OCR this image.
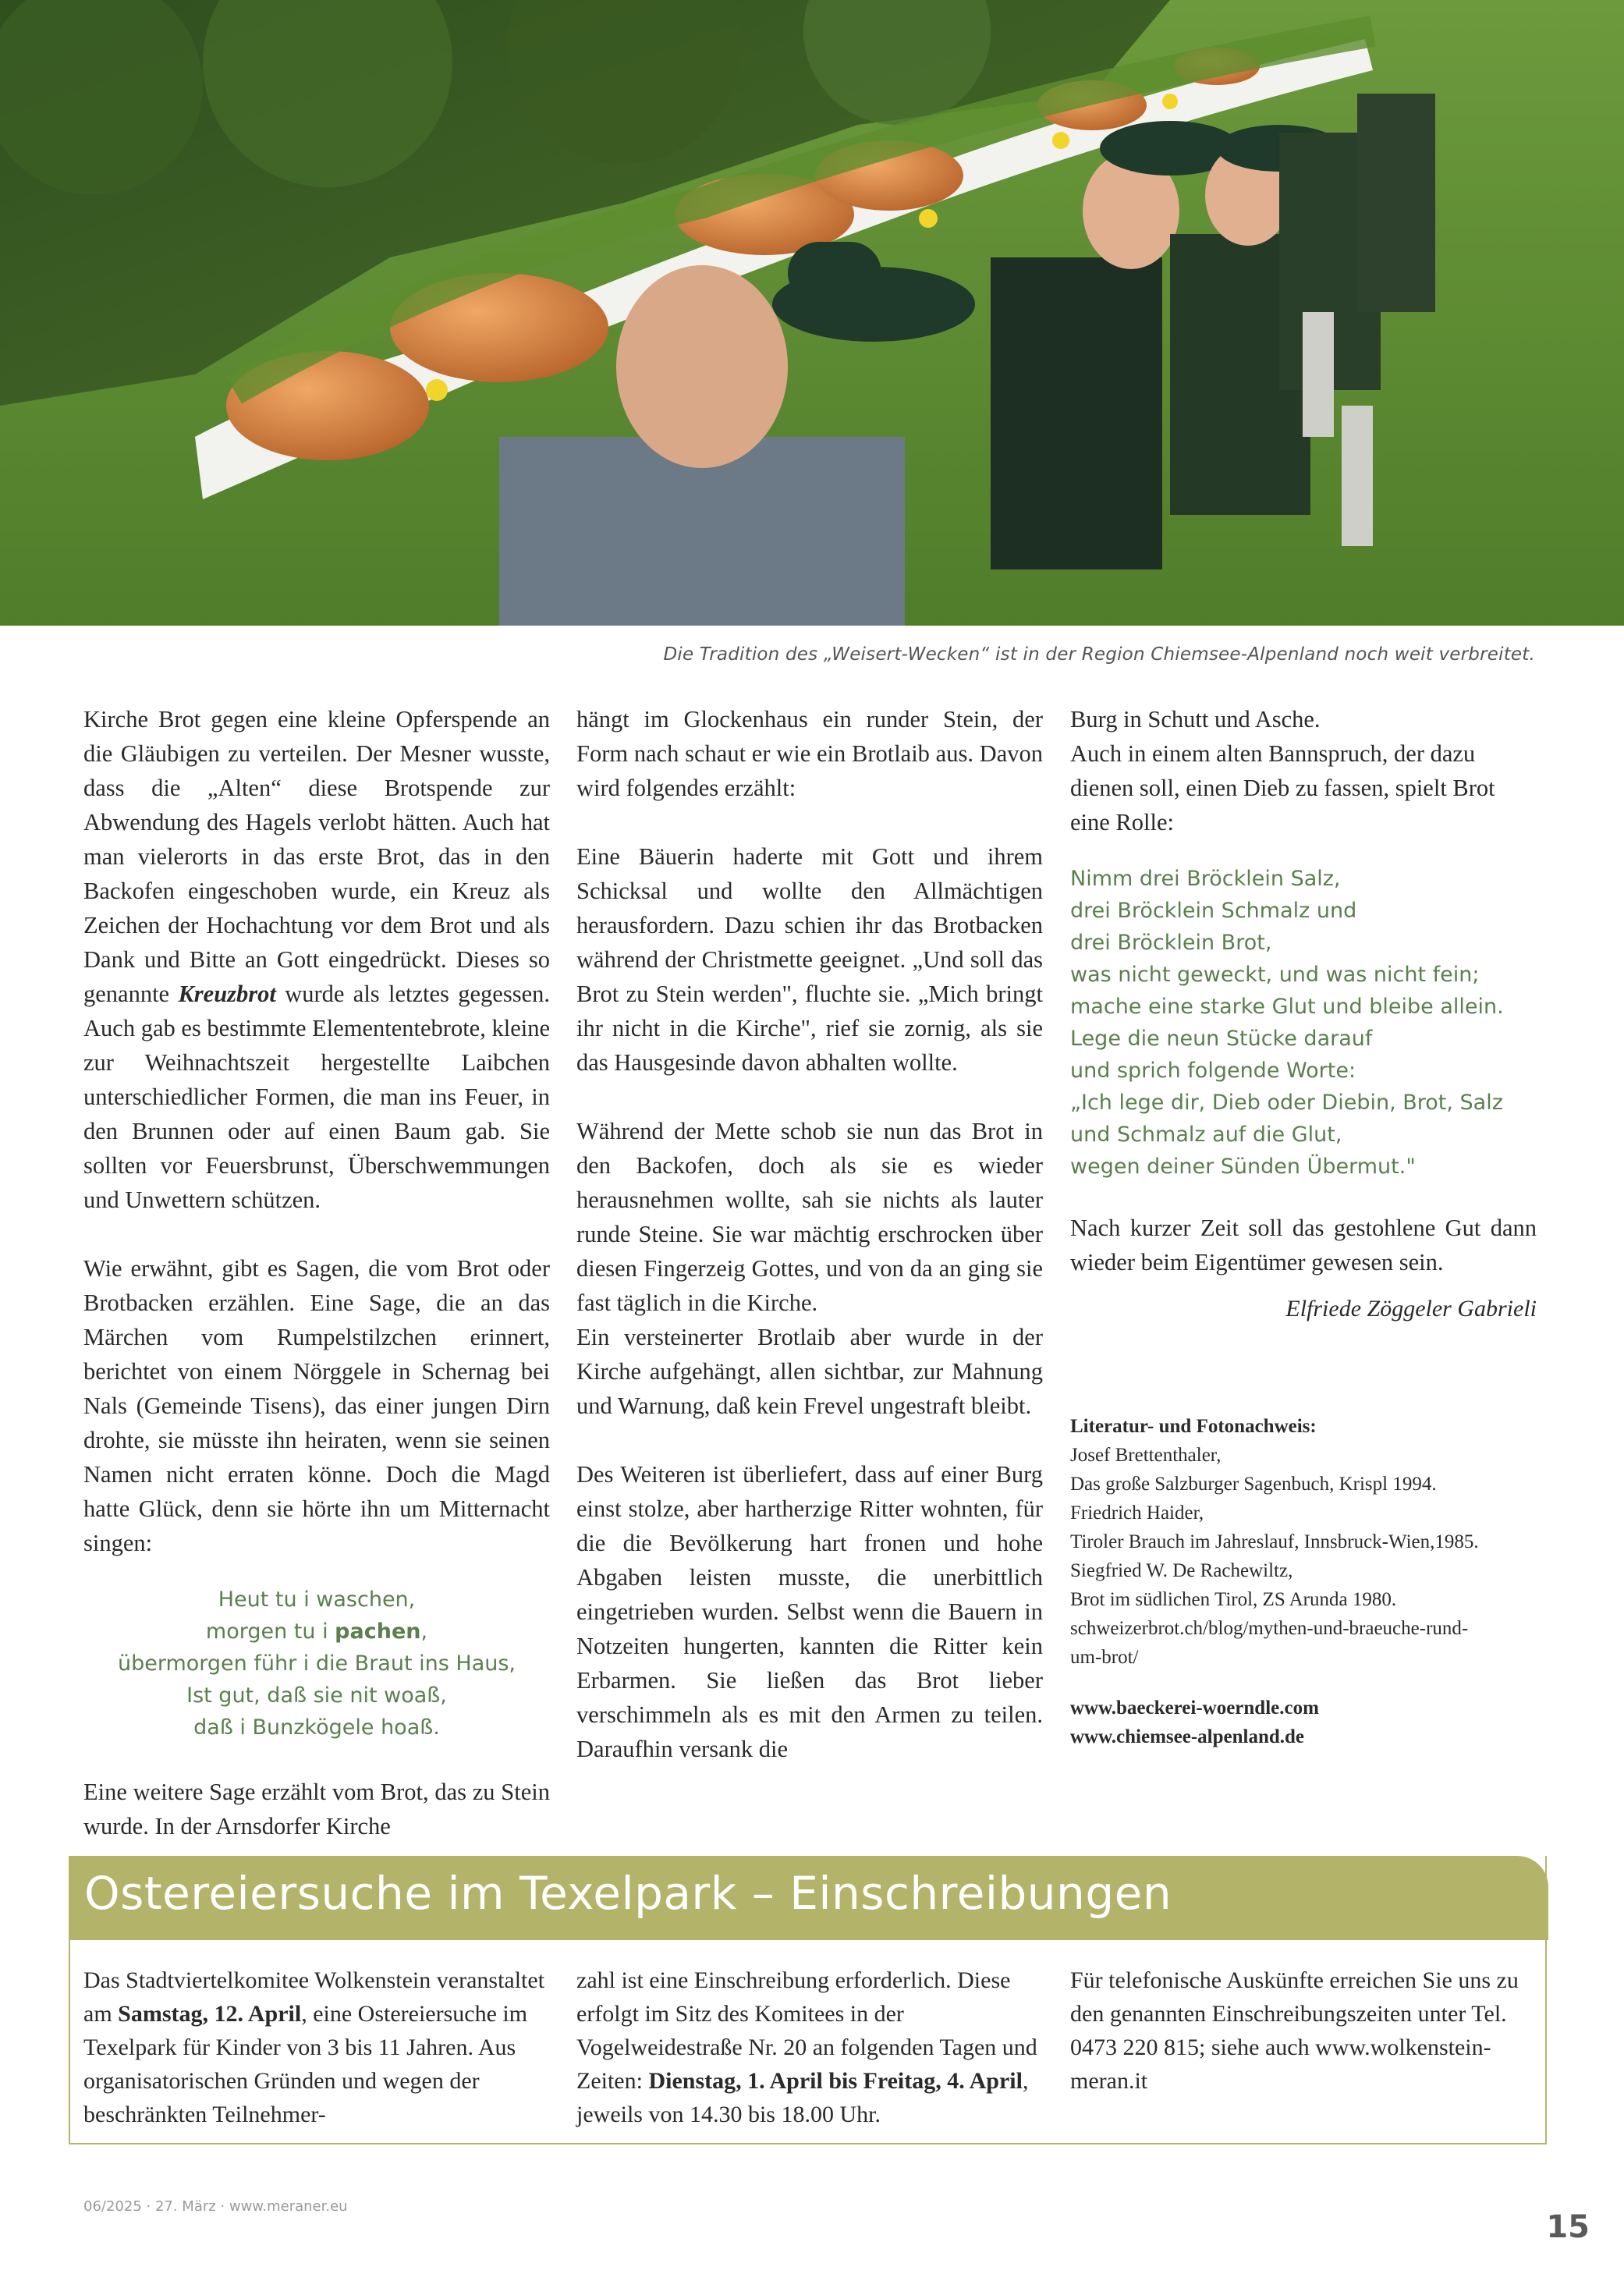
Die Tradition des „Weisert-Wecken“ ist in der Region Chiemsee-Alpenland noch weit verbreitet.

Kirche Brot gegen eine kleine Opferspende an die Gläubigen zu verteilen. Der Mesner wusste, dass die „Alten“ diese Brotspende zur Abwendung des Hagels verlobt hätten. Auch hat man vielerorts in das erste Brot, das in den Backofen eingeschoben wurde, ein Kreuz als Zeichen der Hochachtung vor dem Brot und als Dank und Bitte an Gott eingedrückt. Dieses so genannte Kreuzbrot wurde als letztes gegessen. Auch gab es bestimmte Elemententebrote, kleine zur Weihnachtszeit hergestellte Laibchen unterschiedlicher Formen, die man ins Feuer, in den Brunnen oder auf einen Baum gab. Sie sollten vor Feuersbrunst, Überschwemmungen und Unwettern schützen.

Wie erwähnt, gibt es Sagen, die vom Brot oder Brotbacken erzählen. Eine Sage, die an das Märchen vom Rumpelstilzchen erinnert, berichtet von einem Nörggele in Schernag bei Nals (Gemeinde Tisens), das einer jungen Dirn drohte, sie müsste ihn heiraten, wenn sie seinen Namen nicht erraten könne. Doch die Magd hatte Glück, denn sie hörte ihn um Mitternacht singen:

Heut tu i waschen,
morgen tu i pachen,
übermorgen führ i die Braut ins Haus,
Ist gut, daß sie nit woaß,
daß i Bunzkögele hoaß.

Eine weitere Sage erzählt vom Brot, das zu Stein wurde. In der Arnsdorfer Kirche

hängt im Glockenhaus ein runder Stein, der Form nach schaut er wie ein Brotlaib aus. Davon wird folgendes erzählt:

Eine Bäuerin haderte mit Gott und ihrem Schicksal und wollte den Allmächtigen herausfordern. Dazu schien ihr das Brotbacken während der Christmette geeignet. „Und soll das Brot zu Stein werden", fluchte sie. „Mich bringt ihr nicht in die Kirche", rief sie zornig, als sie das Hausgesinde davon abhalten wollte.

Während der Mette schob sie nun das Brot in den Backofen, doch als sie es wieder herausnehmen wollte, sah sie nichts als lauter runde Steine. Sie war mächtig erschrocken über diesen Fingerzeig Gottes, und von da an ging sie fast täglich in die Kirche.

Ein versteinerter Brotlaib aber wurde in der Kirche aufgehängt, allen sichtbar, zur Mahnung und Warnung, daß kein Frevel ungestraft bleibt.

Des Weiteren ist überliefert, dass auf einer Burg einst stolze, aber hartherzige Ritter wohnten, für die die Bevölkerung hart fronen und hohe Abgaben leisten musste, die unerbittlich eingetrieben wurden. Selbst wenn die Bauern in Notzeiten hungerten, kannten die Ritter kein Erbarmen. Sie ließen das Brot lieber verschimmeln als es mit den Armen zu teilen. Daraufhin versank die

Burg in Schutt und Asche.

Auch in einem alten Bannspruch, der dazu dienen soll, einen Dieb zu fassen, spielt Brot eine Rolle:

Nimm drei Bröcklein Salz,
drei Bröcklein Schmalz und
drei Bröcklein Brot,
was nicht geweckt, und was nicht fein;
mache eine starke Glut und bleibe allein.
Lege die neun Stücke darauf
und sprich folgende Worte:
„Ich lege dir, Dieb oder Diebin, Brot, Salz
und Schmalz auf die Glut,
wegen deiner Sünden Übermut."

Nach kurzer Zeit soll das gestohlene Gut dann wieder beim Eigentümer gewesen sein.

Elfriede Zöggeler Gabrieli

Literatur- und Fotonachweis:
Josef Brettenthaler,
Das große Salzburger Sagenbuch, Krispl 1994.
Friedrich Haider,
Tiroler Brauch im Jahreslauf, Innsbruck-Wien,1985.
Siegfried W. De Rachewiltz,
Brot im südlichen Tirol, ZS Arunda 1980.
schweizerbrot.ch/blog/mythen-und-braeuche-rund-
um-brot/
www.baeckerei-woerndle.com
www.chiemsee-alpenland.de
Ostereiersuche im Texelpark – Einschreibungen

Das Stadtviertelkomitee Wolkenstein veranstaltet am Samstag, 12. April, eine Ostereiersuche im Texelpark für Kinder von 3 bis 11 Jahren. Aus organisatorischen Gründen und wegen der beschränkten Teilnehmer-

zahl ist eine Einschreibung erforderlich. Diese erfolgt im Sitz des Komitees in der Vogelweidestraße Nr. 20 an folgenden Tagen und Zeiten: Dienstag, 1. April bis Freitag, 4. April, jeweils von 14.30 bis 18.00 Uhr.

Für telefonische Auskünfte erreichen Sie uns zu den genannten Einschreibungszeiten unter Tel. 0473 220 815; siehe auch www.wolkenstein-meran.it

06/2025 · 27. März · www.meraner.eu
15
